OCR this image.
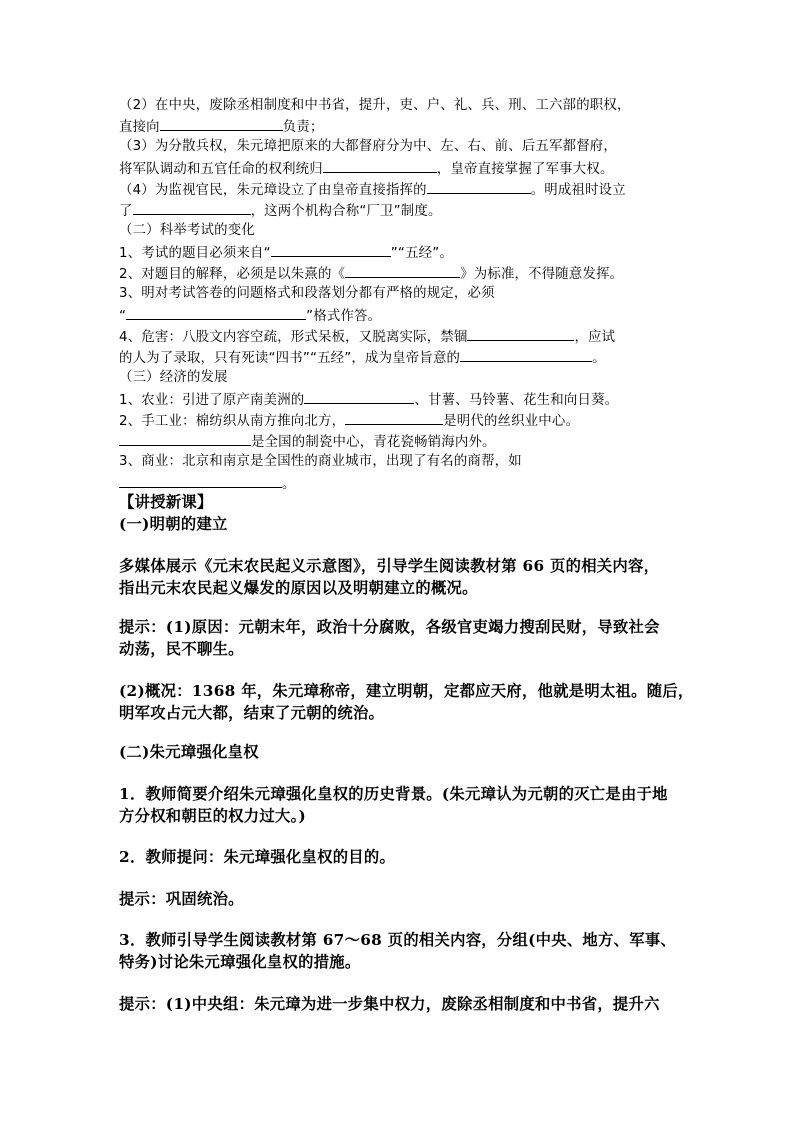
（2）在中央，废除丞相制度和中书省，提升，吏、户、礼、兵、刑、工六部的职权，
直接向	负责；
（3）为分散兵权，朱元璋把原来的大都督府分为中、左、右、前、后五军都督府，
将军队调动和五官任命的权利统归	，皇帝直接掌握了军事大权。
（4）为监视官民，朱元璋设立了由皇帝直接指挥的	。明成祖时设立
了	，这两个机构合称“厂卫”制度。
（二）科举考试的变化
1、考试的题目必须来自“	”“五经”。
2、对题目的解释，必须是以朱熹的《	》为标准，不得随意发挥。
3、明对考试答卷的问题格式和段落划分都有严格的规定，必须
“	”格式作答。
4、危害：八股文内容空疏，形式呆板，又脱离实际，禁锢	，应试
的人为了录取，只有死读“四书”“五经”，成为皇帝旨意的	。
（三）经济的发展
1、农业：引进了原产南美洲的	、甘薯、马铃薯、花生和向日葵。
2、手工业：棉纺织从南方推向北方，	是明代的丝织业中心。
是全国的制瓷中心，青花瓷畅销海内外。
3、商业：北京和南京是全国性的商业城市，出现了有名的商帮，如
。
【讲授新课】
(一)明朝的建立
多媒体展示《元末农民起义示意图》，引导学生阅读教材第 66 页的相关内容，
指出元末农民起义爆发的原因以及明朝建立的概况。
提示：(1)原因：元朝末年，政治十分腐败，各级官吏竭力搜刮民财，导致社会
动荡，民不聊生。
(2)概况：1368 年，朱元璋称帝，建立明朝，定都应天府，他就是明太祖。随后，
明军攻占元大都，结束了元朝的统治。
(二)朱元璋强化皇权
1．教师简要介绍朱元璋强化皇权的历史背景。(朱元璋认为元朝的灭亡是由于地
方分权和朝臣的权力过大。)
2．教师提问：朱元璋强化皇权的目的。
提示：巩固统治。
3．教师引导学生阅读教材第 67～68 页的相关内容，分组(中央、地方、军事、
特务)讨论朱元璋强化皇权的措施。
提示：(1)中央组：朱元璋为进一步集中权力，废除丞相制度和中书省，提升六
